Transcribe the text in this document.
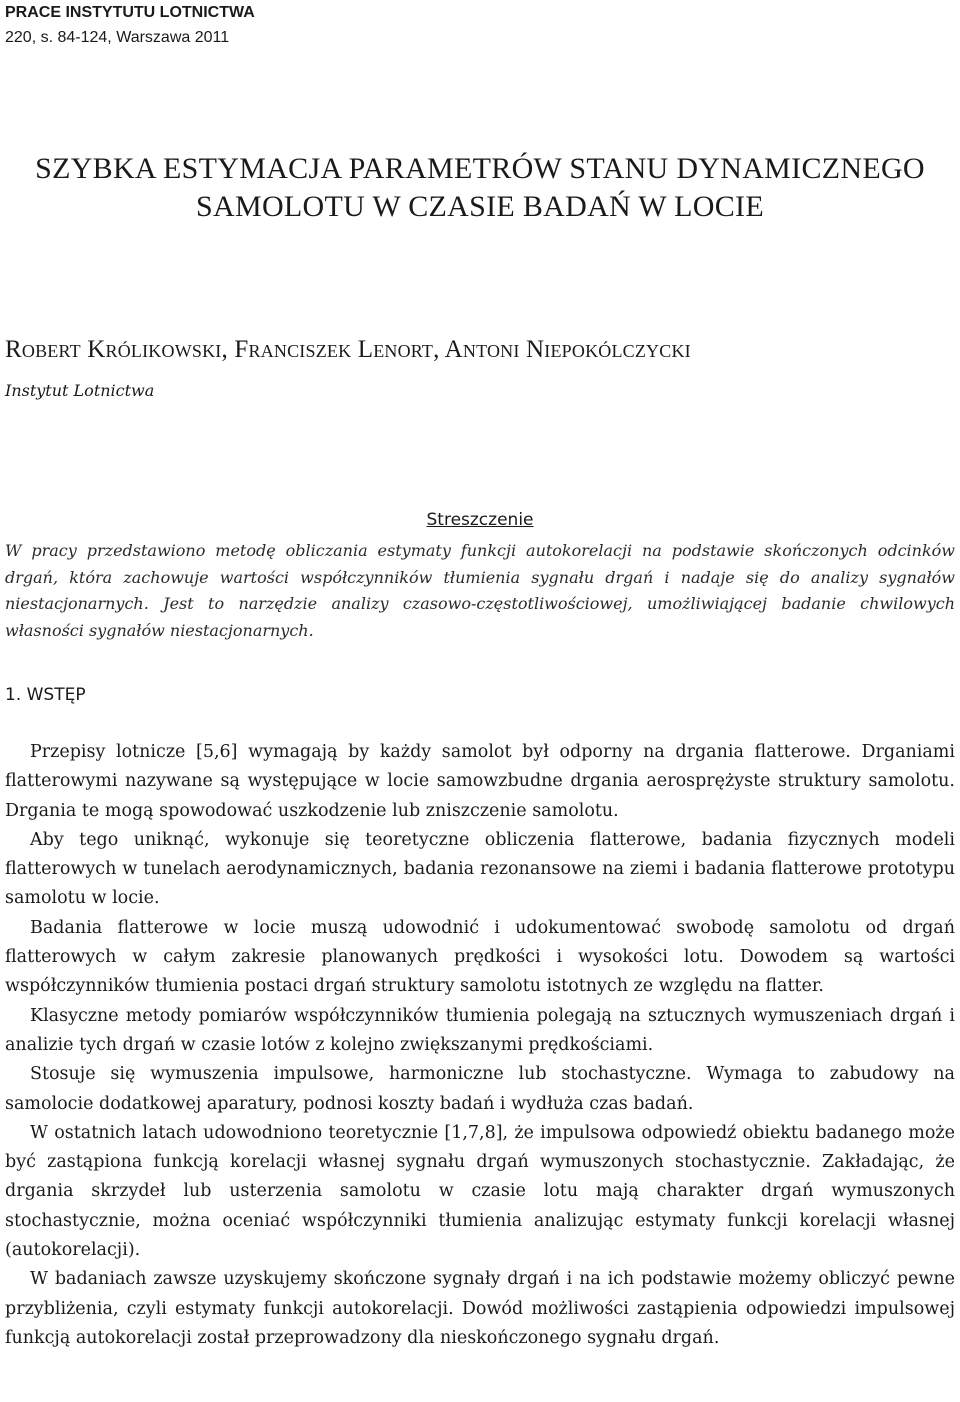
PRACE INSTYTUTU LOTNICTWA
220, s. 84-124, Warszawa 2011
SZYBKA ESTYMACJA PARAMETRÓW STANU DYNAMICZNEGO
SAMOLOTU W CZASIE BADAŃ W LOCIE
Robert Królikowski, Franciszek Lenort, Antoni Niepokólczycki
Instytut Lotnictwa
Streszczenie
W pracy przedstawiono metodę obliczania estymaty funkcji autokorelacji na podstawie skończonych odcinków drgań, która zachowuje wartości współczynników tłumienia sygnału drgań i nadaje się do analizy sygnałów niestacjonarnych. Jest to narzędzie analizy czasowo-częstotliwościowej, umożliwiającej badanie chwilowych własności sygnałów niestacjonarnych.
1. WSTĘP

Przepisy lotnicze [5,6] wymagają by każdy samolot był odporny na drgania flatterowe. Drganiami flatterowymi nazywane są występujące w locie samowzbudne drgania aerosprężyste struktury samolotu. Drgania te mogą spowodować uszkodzenie lub zniszczenie samolotu.

Aby tego uniknąć, wykonuje się teoretyczne obliczenia flatterowe, badania fizycznych modeli flatterowych w tunelach aerodynamicznych, badania rezonansowe na ziemi i badania flatterowe prototypu samolotu w locie.

Badania flatterowe w locie muszą udowodnić i udokumentować swobodę samolotu od drgań flatterowych w całym zakresie planowanych prędkości i wysokości lotu. Dowodem są wartości współczynników tłumienia postaci drgań struktury samolotu istotnych ze względu na flatter.

Klasyczne metody pomiarów współczynników tłumienia polegają na sztucznych wymuszeniach drgań i analizie tych drgań w czasie lotów z kolejno zwiększanymi prędkościami.

Stosuje się wymuszenia impulsowe, harmoniczne lub stochastyczne. Wymaga to zabudowy na samolocie dodatkowej aparatury, podnosi koszty badań i wydłuża czas badań.

W ostatnich latach udowodniono teoretycznie [1,7,8], że impulsowa odpowiedź obiektu badanego może być zastąpiona funkcją korelacji własnej sygnału drgań wymuszonych stochastycznie. Zakładając, że drgania skrzydeł lub usterzenia samolotu w czasie lotu mają charakter drgań wymuszonych stochastycznie, można oceniać współczynniki tłumienia analizując estymaty funkcji korelacji własnej (autokorelacji).

W badaniach zawsze uzyskujemy skończone sygnały drgań i na ich podstawie możemy obliczyć pewne przybliżenia, czyli estymaty funkcji autokorelacji. Dowód możliwości zastąpienia odpowiedzi impulsowej funkcją autokorelacji został przeprowadzony dla nieskończonego sygnału drgań.
